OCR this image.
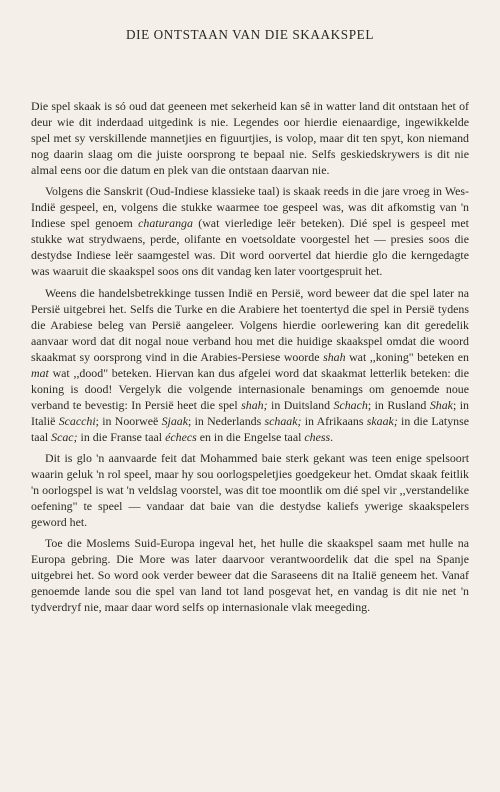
DIE ONTSTAAN VAN DIE SKAAKSPEL

Die spel skaak is só oud dat geeneen met sekerheid kan sê in watter land dit ontstaan het of deur wie dit inderdaad uitgedink is nie. Legendes oor hierdie eienaardige, ingewikkelde spel met sy verskillende mannetjies en figuurtjies, is volop, maar dit ten spyt, kon niemand nog daarin slaag om die juiste oorsprong te bepaal nie. Selfs geskiedskrywers is dit nie almal eens oor die datum en plek van die ontstaan daarvan nie.

Volgens die Sanskrit (Oud-Indiese klassieke taal) is skaak reeds in die jare vroeg in Wes-Indië gespeel, en, volgens die stukke waarmee toe gespeel was, was dit afkomstig van 'n Indiese spel genoem chaturanga (wat vierledige leër beteken). Dié spel is gespeel met stukke wat strydwaens, perde, olifante en voetsoldate voorgestel het — presies soos die destydse Indiese leër saamgestel was. Dit word oorvertel dat hierdie glo die kerngedagte was waaruit die skaakspel soos ons dit vandag ken later voortgespruit het.

Weens die handelsbetrekkinge tussen Indië en Persië, word beweer dat die spel later na Persië uitgebrei het. Selfs die Turke en die Arabiere het toentertyd die spel in Persië tydens die Arabiese beleg van Persië aangeleer. Volgens hierdie oorlewering kan dit geredelik aanvaar word dat dit nogal noue verband hou met die huidige skaakspel omdat die woord skaakmat sy oorsprong vind in die Arabies-Persiese woorde shah wat ,,koning" beteken en mat wat ,,dood" beteken. Hiervan kan dus afgelei word dat skaakmat letterlik beteken: die koning is dood! Vergelyk die volgende internasionale benamings om genoemde noue verband te bevestig: In Persië heet die spel shah; in Duitsland Schach; in Rusland Shak; in Italië Scacchi; in Noorweë Sjaak; in Nederlands schaak; in Afrikaans skaak; in die Latynse taal Scac; in die Franse taal échecs en in die Engelse taal chess.

Dit is glo 'n aanvaarde feit dat Mohammed baie sterk gekant was teen enige spelsoort waarin geluk 'n rol speel, maar hy sou oorlogspeletjies goedgekeur het. Omdat skaak feitlik 'n oorlogspel is wat 'n veldslag voorstel, was dit toe moontlik om dié spel vir ,,verstandelike oefening" te speel — vandaar dat baie van die destydse kaliefs ywerige skaakspelers geword het.

Toe die Moslems Suid-Europa ingeval het, het hulle die skaakspel saam met hulle na Europa gebring. Die More was later daarvoor verantwoordelik dat die spel na Spanje uitgebrei het. So word ook verder beweer dat die Saraseens dit na Italië geneem het. Vanaf genoemde lande sou die spel van land tot land posgevat het, en vandag is dit nie net 'n tydverdryf nie, maar daar word selfs op internasionale vlak meegeding.
